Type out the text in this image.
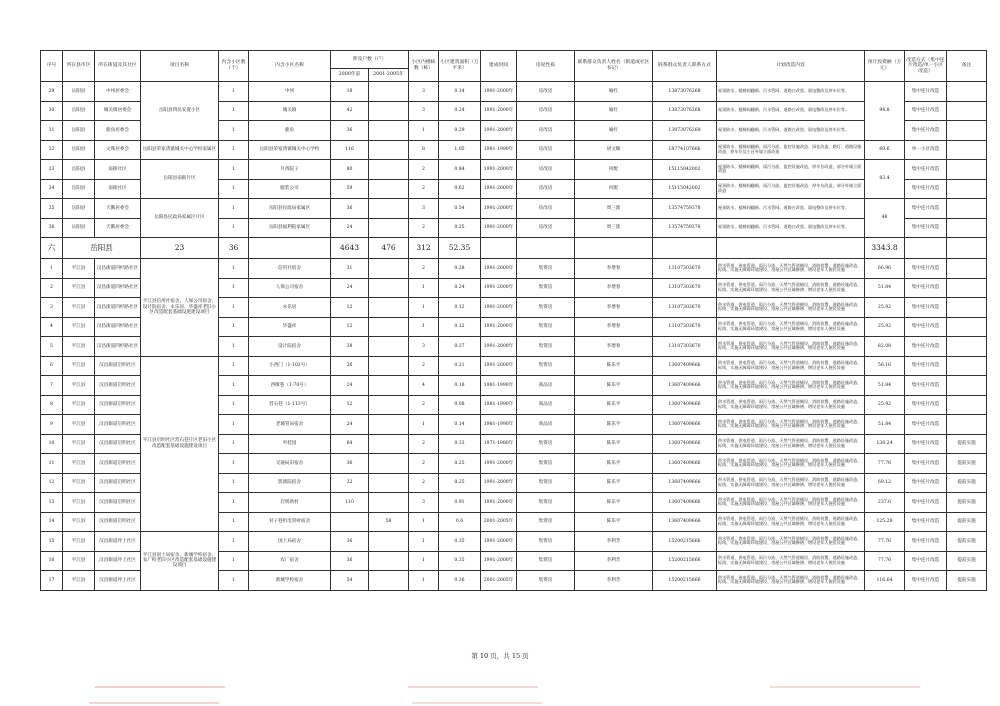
序号	所在县市区	所在街道及其社区	项目名称	内含小区数（个）	内含小区名称	涉及户数（户）		小区内楼栋数（栋）	小区建筑面积（万平米）	建成时间	房屋性质	联系群众负责人姓名（街道或社区书记）	联系群众负责人联系方式	计划改造内容	预计投资额（万元）	改造方式（集中连片改造/单一小区改造）	备注
						2000年前	2001-2005年										
29	岳阳县	中州居委会	岳阳县四民安置小区	1	中州	18		3	0.14	1991-2000年	房改房	喻红	13873076268	屋顶防水、楼梯间翻新、污水管网、道路白改黑、弱电整改及停车位等。	94.8	集中连片改造	
30	岳阳县	城关镇居委会		1	城关镇	42		3	0.24	1991-2000年	房改房	喻红	13873076268	屋顶防水、楼梯间翻新、污水管网、道路白改黑、弱电整改及停车位等。		集中连片改造	
31	岳阳县	鹿角居委会		1	鹿角	36		1	0.29	1991-2000年	房改房	喻红	13873076268	屋顶防水、楼梯间翻新、污水管网、道路白改黑、弱电整改及停车位等。		集中连片改造	
32	岳阳县	文殊居委会	岳阳县荣家湾镇城关中心学校家属区	1	岳阳县荣家湾镇城关中心学校	116		8	1.05	1981-1990年	房改房	胡文顺	18774107666	屋顶防水、楼梯间翻新、雨污分流、监控设施改造、绿化改造、路灯、道路设施改造、停车位及小区外墙立面改造	69.6	单一小区改造	
33	岳阳县	南街社区	岳阳县南街片区	1	月西院子	80		2	0.84	1991-2000年	房改房	何配	15115042002	屋顶防水、楼梯间翻新、雨污分流、监控设施改造、停车位改造，部分外墙立面改造	83.4	集中连片改造	
34	岳阳县	南街社区		1	服装公司	59		2	0.62	1991-2000年	房改房	何配	15115042002	屋顶防水、楼梯间翻新、雨污分流、监控设施改造、停车位改造，部分外墙立面改造		集中连片改造	
35	岳阳县	天鹅居委会	岳阳县民政局家属区片区	1	岳阳县民政局家属区	36		3	0.54	1991-2000年	房改房	周三派	13574759378	屋顶防水、楼梯间翻新、污水管网、道路白改黑、弱电整改及停车位等。	48	集中连片改造	
36	岳阳县	天鹅居委会		1	岳阳县福利院家属区	24		2	0.25	1991-2000年	房改房	周三派	13574759378	屋顶防水、楼梯间翻新、污水管网、道路白改黑、弱电整改及停车位等。		集中连片改造	
六	岳阳县		23	36		4643	476	312	52.35						3343.8		
1	平江县	汉昌街道四杉路社区	平江县信用社宿舍、人保公司宿舍、设计院宿舍、永乐居、华盛祥老旧小区改造配套基础设施建设项目	1	信用社宿舍	31		2	0.28	1991-2000年	集资房	李增春	13107303670	供水管道、供电管道、雨污分流、天然气管道铺设、消防装置、道路设施改造、标线、实施无障碍环境建设、房屋公共区域修缮、增设老年人便民设施	66.96	集中连片改造	
2	平江县	汉昌街道四杉路社区		1	人保公司宿舍	24		1	0.24	1991-2000年	集资房	李增春	13107303670	供水管道、供电管道、雨污分流、天然气管道铺设、消防装置、道路设施改造、标线、实施无障碍环境建设、房屋公共区域修缮、增设老年人便民设施	51.84	集中连片改造	
3	平江县	汉昌街道四杉路社区		1	永乐居	12		1	0.12	1991-2000年	集资房	李增春	13107303670	供水管道、供电管道、雨污分流、天然气管道铺设、消防装置、道路设施改造、标线、实施无障碍环境建设、房屋公共区域修缮、增设老年人便民设施	25.92	集中连片改造	
4	平江县	汉昌街道四杉路社区		1	华盛祥	12		1	0.12	1991-2000年	集资房	李增春	13107303670	供水管道、供电管道、雨污分流、天然气管道铺设、消防装置、道路设施改造、标线、实施无障碍环境建设、房屋公共区域修缮、增设老年人便民设施	25.92	集中连片改造	
5	平江县	汉昌街道四杉路社区		1	设计院宿舍	38		3	0.37	1991-2000年	集资房	李增春	13107303670	供水管道、供电管道、雨污分流、天然气管道铺设、消防装置、道路设施改造、标线、实施无障碍环境建设、房屋公共区域修缮、增设老年人便民设施	82.08	集中连片改造	
6	平江县	汉昌街道启明社区	平江县启明社区营石巷片区老旧小区改造配套基础设施建设项目	1	小西门（1-103号）	26		2	0.21	1991-2000年	集资房	陈乐平	13607409666	供水管道、供电管道、雨污分流、天然气管道铺设、消防装置、道路设施改造、标线、实施无障碍环境建设、房屋公共区域修缮、增设老年人便民设施	56.16	集中连片改造	
7	平江县	汉昌街道启明社区		1	西敬巷（1-70号）	24		4	0.18	1981-1990年	商品房	陈乐平	13607409666	供水管道、供电管道、雨污分流、天然气管道铺设、消防装置、道路设施改造、标线、实施无障碍环境建设、房屋公共区域修缮、增设老年人便民设施	51.84	集中连片改造	
8	平江县	汉昌街道启明社区		1	营石巷（1-113号）	12		2	0.08	1981-1990年	商品房	陈乐平	13607409666	供水管道、供电管道、雨污分流、天然气管道铺设、消防装置、道路设施改造、标线、实施无障碍环境建设、房屋公共区域修缮、增设老年人便民设施	25.92	集中连片改造	
9	平江县	汉昌街道启明社区		1	老城管局宿舍	24		1	0.14	1981-1990年	商品房	陈乐平	13607409666	供水管道、供电管道、雨污分流、天然气管道铺设、消防装置、道路设施改造、标线、实施无障碍环境建设、房屋公共区域修缮、增设老年人便民设施	51.84	集中连片改造	
10	平江县	汉昌街道启明社区		1	枣桂园	64		2	0.33	1971-1980年	集资房	陈乐平	13607409666	供水管道、供电管道、雨污分流、天然气管道铺设、消防装置、道路设施改造、标线、实施无障碍环境建设、房屋公共区域修缮、增设老年人便民设施	138.24	集中连片改造	提前实施
11	平江县	汉昌街道启明社区		1	交通局旧宿舍	36		2	0.25	1991-2000年	集资房	陈乐平	13607409666	供水管道、供电管道、雨污分流、天然气管道铺设、消防装置、道路设施改造、标线、实施无障碍环境建设、房屋公共区域修缮、增设老年人便民设施	77.76	集中连片改造	提前实施
12	平江县	汉昌街道启明社区		1	影剧院宿舍	32		2	0.25	1991-2000年	集资房	陈乐平	13607409666	供水管道、供电管道、雨污分流、天然气管道铺设、消防装置、道路设施改造、标线、实施无障碍环境建设、房屋公共区域修缮、增设老年人便民设施	69.12	集中连片改造	提前实施
13	平江县	汉昌街道启明社区		1	启明新村	110		3	0.91	1991-2000年	集资房	陈乐平	13607409666	供水管道、供电管道、雨污分流、天然气管道铺设、消防装置、道路设施改造、标线、实施无障碍环境建设、房屋公共区域修缮、增设老年人便民设施	237.6	集中连片改造	提前实施
14	平江县	汉昌街道启明社区		1	君子巷机电管财宿舍		58	1	0.6	2001-2005年	集资房	陈乐平	13607409666	供水管道、供电管道、雨污分流、天然气管道铺设、消防装置、道路设施改造、标线、实施无障碍环境建设、房屋公共区域修缮、增设老年人便民设施	125.28	集中连片改造	提前实施
15	平江县	汉昌街道坪上社区	平江县国土局宿舍、新城学校宿舍、农厂校老旧小区改造配套基础设施建设项目	1	国土局宿舍	36		1	0.35	1991-2000年	集资房	李利芳	15200215666	供水管道、供电管道、雨污分流、天然气管道铺设、消防装置、道路设施改造、标线、实施无障碍环境建设、房屋公共区域修缮、增设老年人便民设施	77.76	集中连片改造	提前实施
16	平江县	汉昌街道坪上社区		1	农厂宿舍	36		1	0.35	1991-2000年	集资房	李利芳	15200215666	供水管道、供电管道、雨污分流、天然气管道铺设、消防装置、道路设施改造、标线、实施无障碍环境建设、房屋公共区域修缮、增设老年人便民设施	77.76	集中连片改造	提前实施
17	平江县	汉昌街道坪上社区		1	新城学校宿舍	54		1	0.36	2001-2005年	集资房	李利芳	15200215666	供水管道、供电管道、雨污分流、天然气管道铺设、消防装置、道路设施改造、标线、实施无障碍环境建设、房屋公共区域修缮、增设老年人便民设施	116.64	集中连片改造	提前实施
第 10 页，共 15 页
